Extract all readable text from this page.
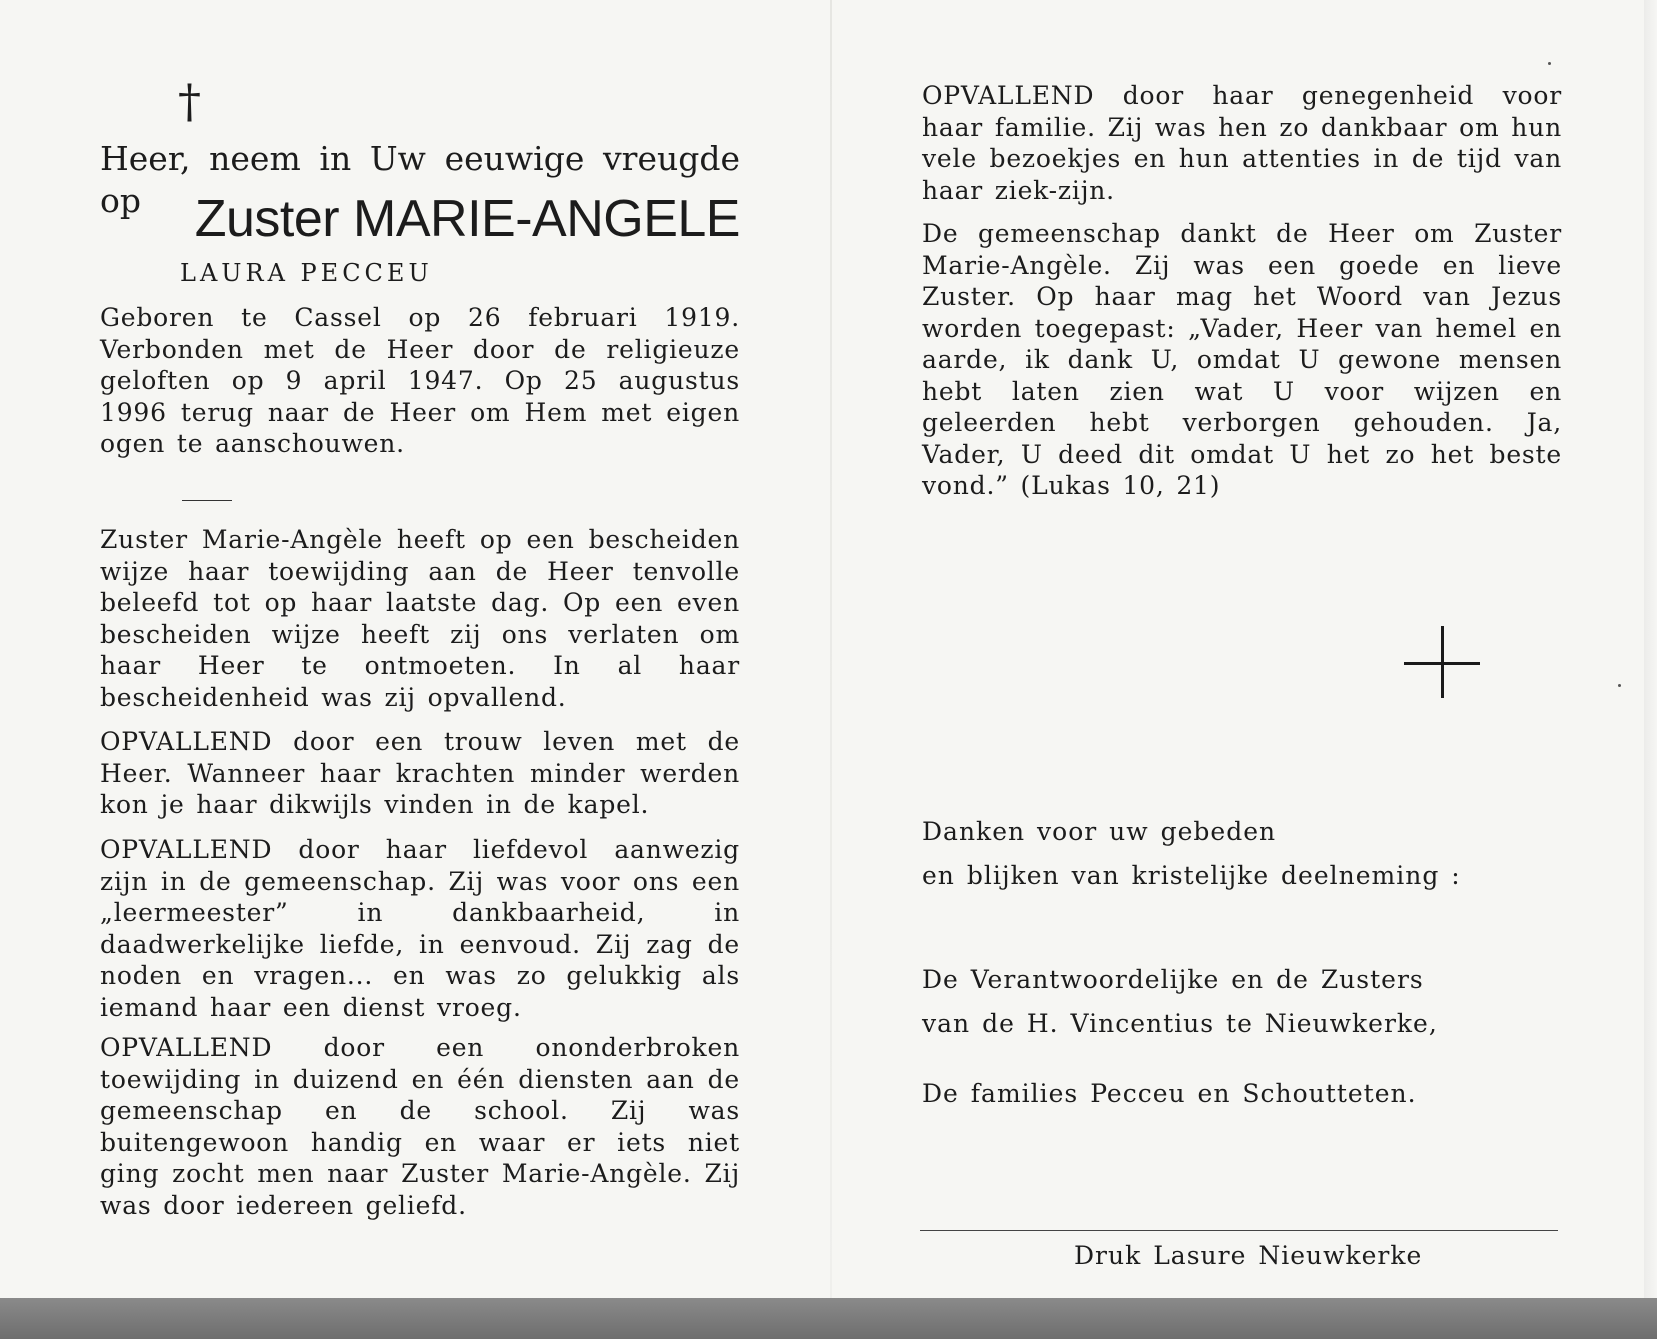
†
Heer, neem in Uw eeuwige vreugde op	Zuster MARIE-ANGELE
LAURA PECCEU
Geboren te Cassel op 26 februari 1919. Verbonden met de Heer door de religieuze geloften op 9 april 1947. Op 25 augustus 1996 terug naar de Heer om Hem met eigen ogen te aanschouwen.
Zuster Marie-Angèle heeft op een bescheiden wijze haar toewijding aan de Heer tenvolle beleefd tot op haar laatste dag. Op een even bescheiden wijze heeft zij ons verlaten om haar Heer te ontmoeten. In al haar bescheidenheid was zij opvallend.
OPVALLEND door een trouw leven met de Heer. Wanneer haar krachten minder werden kon je haar dikwijls vinden in de kapel.
OPVALLEND door haar liefdevol aanwezig zijn in de gemeenschap. Zij was voor ons een „leermeester” in dankbaarheid, in daadwerkelijke liefde, in eenvoud. Zij zag de noden en vragen... en was zo gelukkig als iemand haar een dienst vroeg.
OPVALLEND door een ononderbroken toewijding in duizend en één diensten aan de gemeenschap en de school. Zij was buitengewoon handig en waar er iets niet ging zocht men naar Zuster Marie-Angèle. Zij was door iedereen geliefd.
OPVALLEND door haar genegenheid voor haar familie. Zij was hen zo dankbaar om hun vele bezoekjes en hun attenties in de tijd van haar ziek-zijn.
De gemeenschap dankt de Heer om Zuster Marie-Angèle. Zij was een goede en lieve Zuster. Op haar mag het Woord van Jezus worden toegepast: „Vader, Heer van hemel en aarde, ik dank U, omdat U gewone mensen hebt laten zien wat U voor wijzen en geleerden hebt verborgen gehouden. Ja, Vader, U deed dit omdat U het zo het beste vond.” (Lukas 10, 21)
Danken voor uw gebeden
en blijken van kristelijke deelneming :
De Verantwoordelijke en de Zusters
van de H. Vincentius te Nieuwkerke,
De families Pecceu en Schoutteten.
Druk Lasure Nieuwkerke
